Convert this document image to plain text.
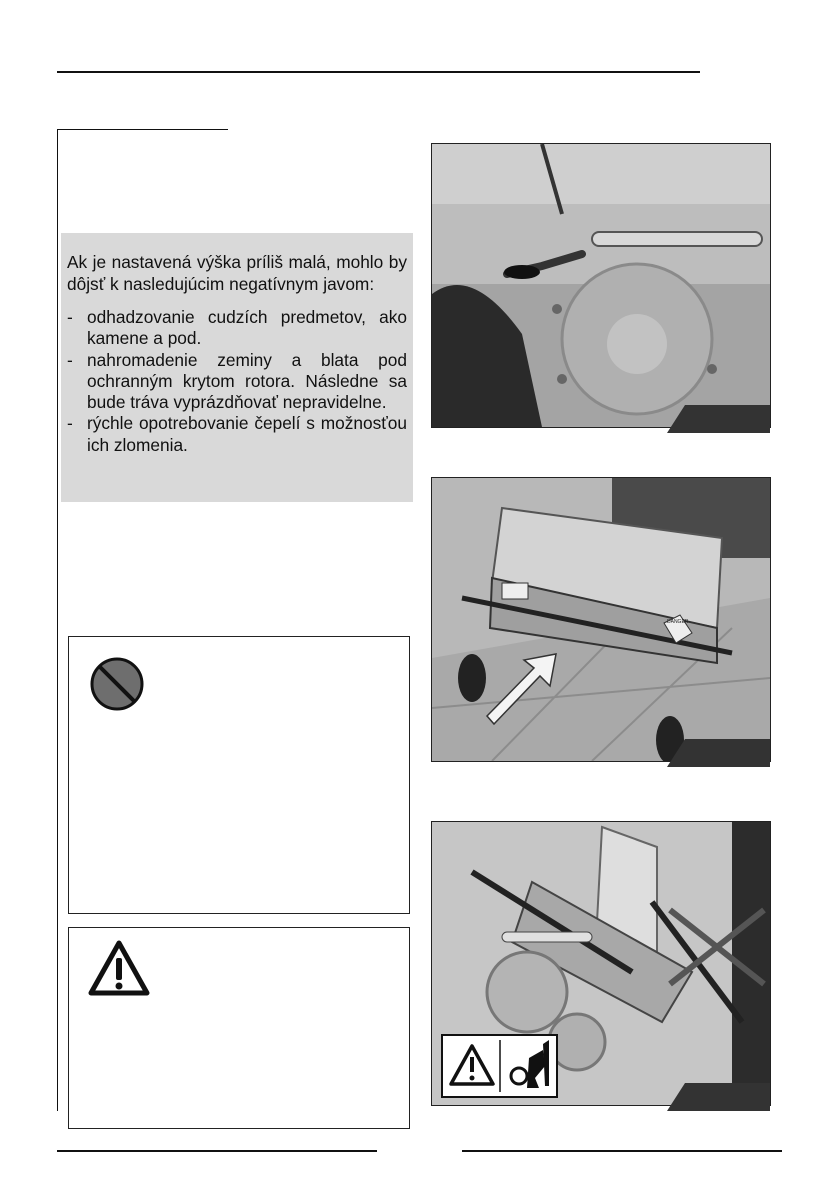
Ak je nastavená výška príliš malá, mohlo by dôjsť k nasledujúcim negatívnym javom:

- odhadzovanie cudzích predmetov, ako kamene a pod.
- nahromadenie zeminy a blata pod ochranným krytom rotora. Následne sa bude tráva vyprázdňovať nepravidelne.
- rýchle opotrebovanie čepelí s možnosťou ich zlomenia.
DANGER
